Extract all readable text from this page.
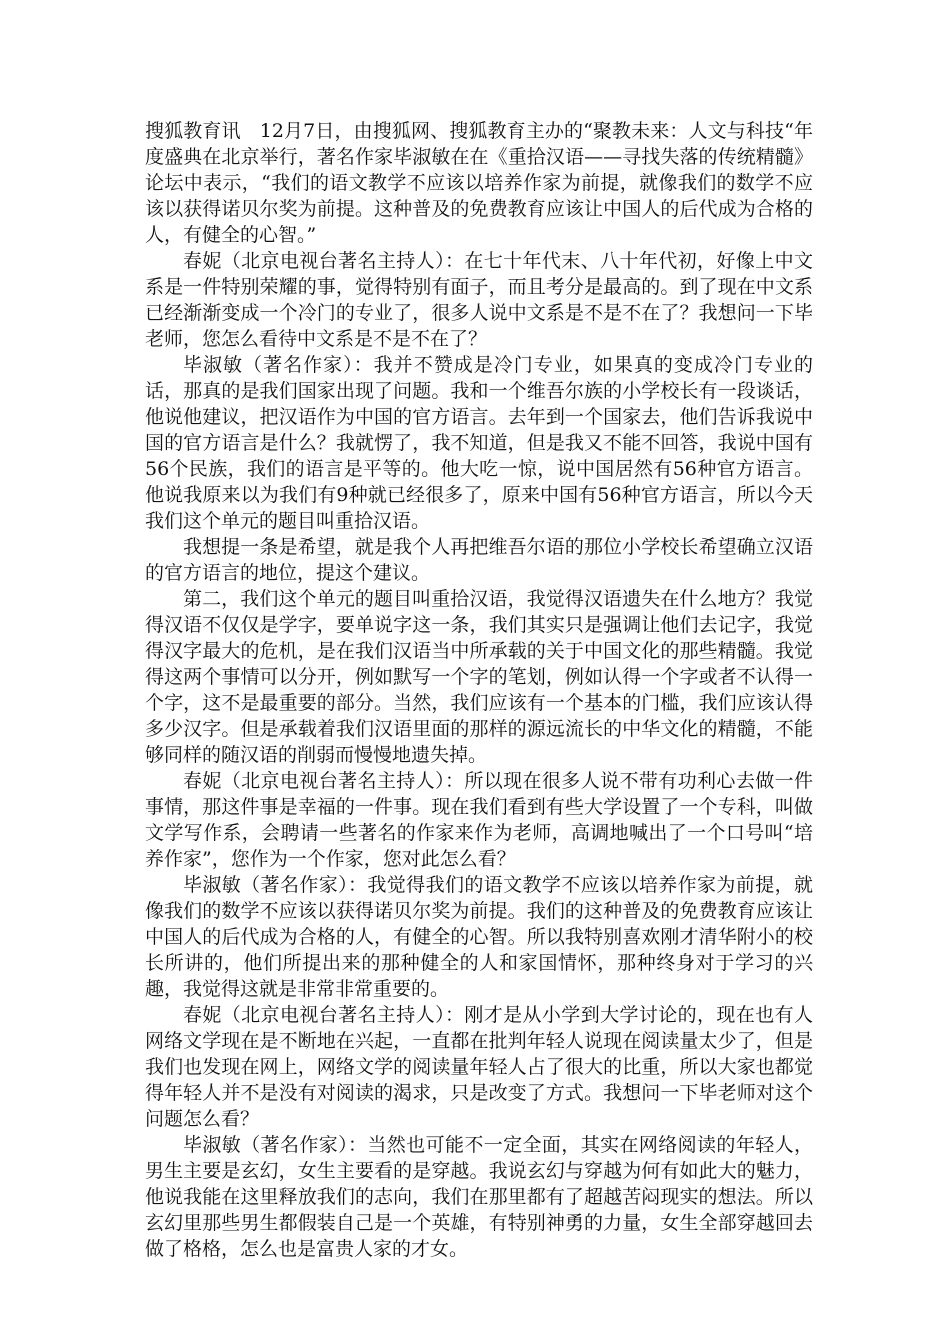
搜狐教育讯　12月7日，由搜狐网、搜狐教育主办的“聚教未来：人文与科技“年度盛典在北京举行，著名作家毕淑敏在在《重拾汉语——寻找失落的传统精髓》论坛中表示，“我们的语文教学不应该以培养作家为前提，就像我们的数学不应该以获得诺贝尔奖为前提。这种普及的免费教育应该让中国人的后代成为合格的人，有健全的心智。”

春妮（北京电视台著名主持人）：在七十年代末、八十年代初，好像上中文系是一件特别荣耀的事，觉得特别有面子，而且考分是最高的。到了现在中文系已经渐渐变成一个冷门的专业了，很多人说中文系是不是不在了？我想问一下毕老师，您怎么看待中文系是不是不在了？

毕淑敏（著名作家）：我并不赞成是冷门专业，如果真的变成冷门专业的话，那真的是我们国家出现了问题。我和一个维吾尔族的小学校长有一段谈话，他说他建议，把汉语作为中国的官方语言。去年到一个国家去，他们告诉我说中国的官方语言是什么？我就愣了，我不知道，但是我又不能不回答，我说中国有56个民族，我们的语言是平等的。他大吃一惊，说中国居然有56种官方语言。他说我原来以为我们有9种就已经很多了，原来中国有56种官方语言，所以今天我们这个单元的题目叫重拾汉语。

我想提一条是希望，就是我个人再把维吾尔语的那位小学校长希望确立汉语的官方语言的地位，提这个建议。

第二，我们这个单元的题目叫重拾汉语，我觉得汉语遗失在什么地方？我觉得汉语不仅仅是学字，要单说字这一条，我们其实只是强调让他们去记字，我觉得汉字最大的危机，是在我们汉语当中所承载的关于中国文化的那些精髓。我觉得这两个事情可以分开，例如默写一个字的笔划，例如认得一个字或者不认得一个字，这不是最重要的部分。当然，我们应该有一个基本的门槛，我们应该认得多少汉字。但是承载着我们汉语里面的那样的源远流长的中华文化的精髓，不能够同样的随汉语的削弱而慢慢地遗失掉。

春妮（北京电视台著名主持人）：所以现在很多人说不带有功利心去做一件事情，那这件事是幸福的一件事。现在我们看到有些大学设置了一个专科，叫做文学写作系，会聘请一些著名的作家来作为老师，高调地喊出了一个口号叫“培养作家”，您作为一个作家，您对此怎么看？

毕淑敏（著名作家）：我觉得我们的语文教学不应该以培养作家为前提，就像我们的数学不应该以获得诺贝尔奖为前提。我们的这种普及的免费教育应该让中国人的后代成为合格的人，有健全的心智。所以我特别喜欢刚才清华附小的校长所讲的，他们所提出来的那种健全的人和家国情怀，那种终身对于学习的兴趣，我觉得这就是非常非常重要的。

春妮（北京电视台著名主持人）：刚才是从小学到大学讨论的，现在也有人网络文学现在是不断地在兴起，一直都在批判年轻人说现在阅读量太少了，但是我们也发现在网上，网络文学的阅读量年轻人占了很大的比重，所以大家也都觉得年轻人并不是没有对阅读的渴求，只是改变了方式。我想问一下毕老师对这个问题怎么看？

毕淑敏（著名作家）：当然也可能不一定全面，其实在网络阅读的年轻人，男生主要是玄幻，女生主要看的是穿越。我说玄幻与穿越为何有如此大的魅力，他说我能在这里释放我们的志向，我们在那里都有了超越苦闷现实的想法。所以玄幻里那些男生都假装自己是一个英雄，有特别神勇的力量，女生全部穿越回去做了格格，怎么也是富贵人家的才女。
